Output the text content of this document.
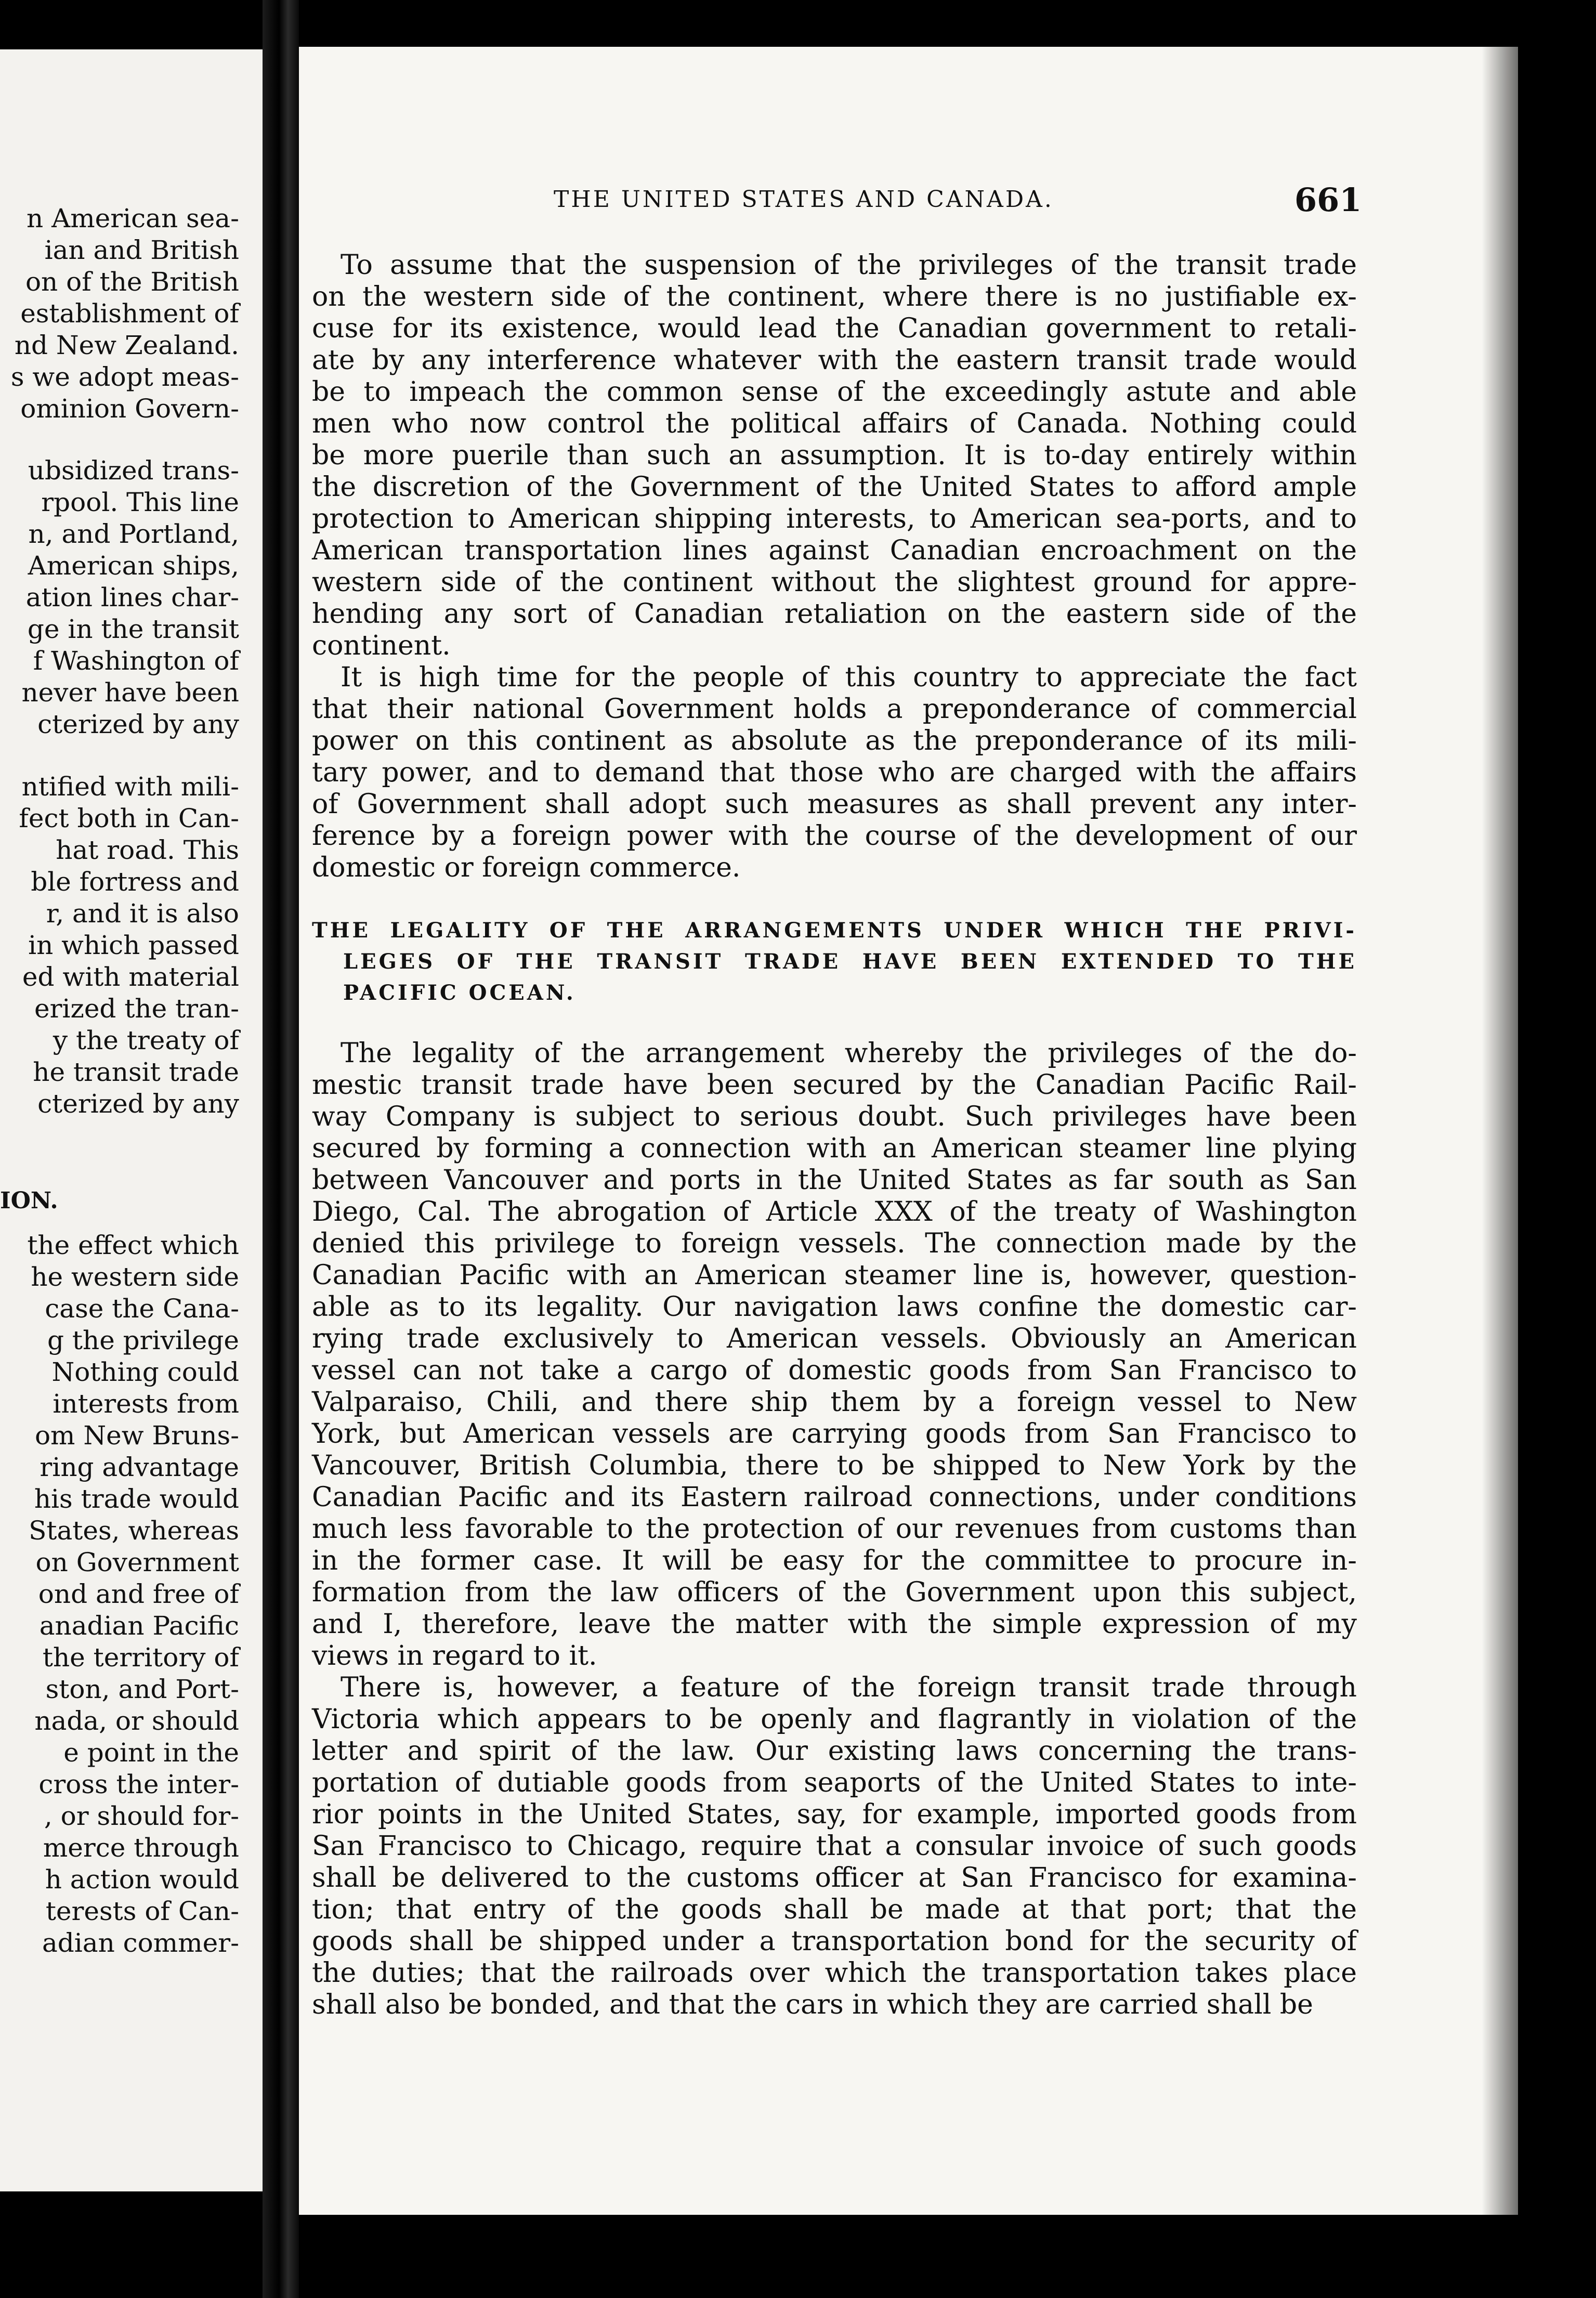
n American sea-
ian and British
on of the British
establishment of
nd New Zealand.
s we adopt meas-
ominion Govern-
ubsidized trans-
rpool. This line
n, and Portland,
American ships,
ation lines char-
ge in the transit
f Washington of
never have been
cterized by any
ntified with mili-
fect both in Can-
hat road. This
ble fortress and
r, and it is also
in which passed
ed with material
erized the tran-
y the treaty of
he transit trade
cterized by any
the effect which
he western side
case the Cana-
g the privilege
Nothing could
interests from
om New Bruns-
ring advantage
his trade would
States, whereas
on Government
ond and free of
anadian Pacific
the territory of
ston, and Port-
nada, or should
e point in the
cross the inter-
, or should for-
merce through
h action would
terests of Can-
adian commer-
ION.
THE UNITED STATES AND CANADA.	661
To assume that the suspension of the privileges of the transit trade
on the western side of the continent, where there is no justifiable ex-
cuse for its existence, would lead the Canadian government to retali-
ate by any interference whatever with the eastern transit trade would
be to impeach the common sense of the exceedingly astute and able
men who now control the political affairs of Canada. Nothing could
be more puerile than such an assumption. It is to-day entirely within
the discretion of the Government of the United States to afford ample
protection to American shipping interests, to American sea-ports, and to
American transportation lines against Canadian encroachment on the
western side of the continent without the slightest ground for appre-
hending any sort of Canadian retaliation on the eastern side of the
continent.
It is high time for the people of this country to appreciate the fact
that their national Government holds a preponderance of commercial
power on this continent as absolute as the preponderance of its mili-
tary power, and to demand that those who are charged with the affairs
of Government shall adopt such measures as shall prevent any inter-
ference by a foreign power with the course of the development of our
domestic or foreign commerce.
THE LEGALITY OF THE ARRANGEMENTS UNDER WHICH THE PRIVI-
LEGES OF THE TRANSIT TRADE HAVE BEEN EXTENDED TO THE
PACIFIC OCEAN.
The legality of the arrangement whereby the privileges of the do-
mestic transit trade have been secured by the Canadian Pacific Rail-
way Company is subject to serious doubt. Such privileges have been
secured by forming a connection with an American steamer line plying
between Vancouver and ports in the United States as far south as San
Diego, Cal. The abrogation of Article XXX of the treaty of Washington
denied this privilege to foreign vessels. The connection made by the
Canadian Pacific with an American steamer line is, however, question-
able as to its legality. Our navigation laws confine the domestic car-
rying trade exclusively to American vessels. Obviously an American
vessel can not take a cargo of domestic goods from San Francisco to
Valparaiso, Chili, and there ship them by a foreign vessel to New
York, but American vessels are carrying goods from San Francisco to
Vancouver, British Columbia, there to be shipped to New York by the
Canadian Pacific and its Eastern railroad connections, under conditions
much less favorable to the protection of our revenues from customs than
in the former case. It will be easy for the committee to procure in-
formation from the law officers of the Government upon this subject,
and I, therefore, leave the matter with the simple expression of my
views in regard to it.
There is, however, a feature of the foreign transit trade through
Victoria which appears to be openly and flagrantly in violation of the
letter and spirit of the law. Our existing laws concerning the trans-
portation of dutiable goods from seaports of the United States to inte-
rior points in the United States, say, for example, imported goods from
San Francisco to Chicago, require that a consular invoice of such goods
shall be delivered to the customs officer at San Francisco for examina-
tion; that entry of the goods shall be made at that port; that the
goods shall be shipped under a transportation bond for the security of
the duties; that the railroads over which the transportation takes place
shall also be bonded, and that the cars in which they are carried shall be
